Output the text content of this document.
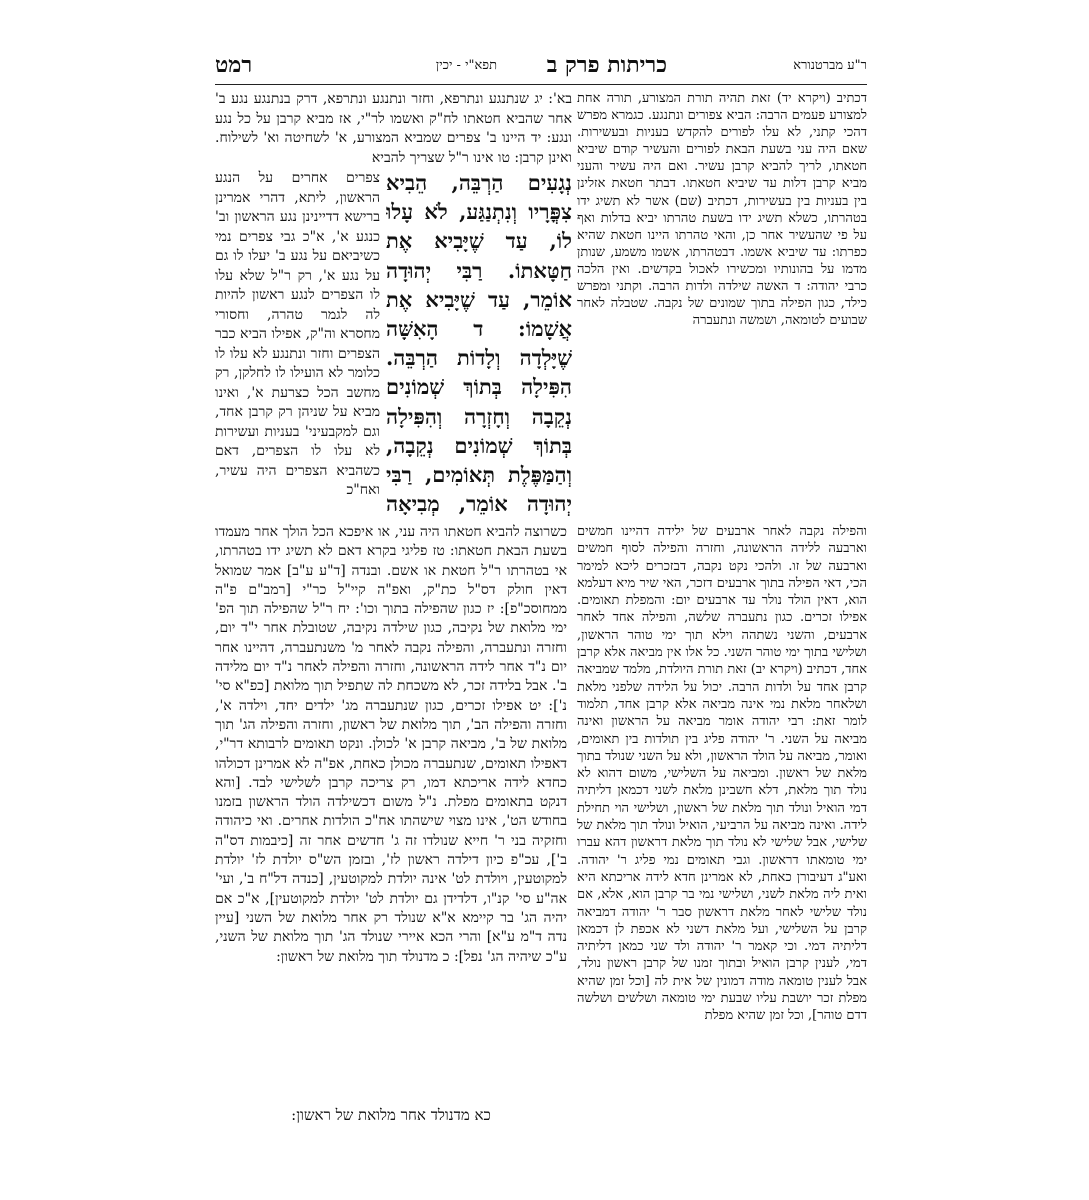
ר"ע מברטנורא
כריתות פרק ב
תפא"י - יכין
רמט

דכתיב (ויקרא יד) זאת תהיה תורת המצורע, תורה אחת למצורע פעמים הרבה: הביא צפורים ונתנגע. כגמרא מפרש דהכי קתני, לא עלו לפורים להקדש בעניות ובעשירות. שאם היה עני בשעת הבאת לפורים והעשיר קודם שיביא חטאתו, לריך להביא קרבן עשיר. ואם היה עשיר והעני מביא קרבן דלות עד שיביא חטאתו. דבתר חטאת אזלינן בין בעניות בין בעשירות, דכתיב (שם) אשר לא תשיג ידו בטהרתו, כשלא תשיג ידו בשעת טהרתו יביא בדלות ואף על פי שהעשיר אחר כן, והאי טהרתו היינו חטאת שהיא כפרתו: עד שיביא אשמו. דבטהרתו, אשמו משמע, שנותן מדמו על בהונותיו ומכשירו לאכול בקדשים. ואין הלכה כרבי יהודה: ד האשה שילדה ולדות הרבה. וקתני ומפרש כילד, כגון הפילה בתוך שמונים של נקבה. שטבלה לאחר שבועים לטומאה, ושמשה ונתעברה

בא': יג שנתנגע ונתרפא, וחזר ונתנגע ונתרפא, דרק בנתנגע נגע ב' אחר שהביא חטאתו לח"ק ואשמו לר"י, אז מביא קרבן על כל נגע ונגע: יד היינו ב' צפרים שמביא המצורע, א' לשחיטה וא' לשילוח. ואינן קרבן: טו אינו ר"ל שצריך להביא

נְגָעִים הַרְבֵּה, הֵבִיא צִפֳּרָיו וְנִתְנַגַּע, לֹא עָלוּ לוֹ, עַד שֶׁיָּבִיא אֶת חַטָּאתוֹ. רַבִּי יְהוּדָה אוֹמֵר, עַד שֶׁיָּבִיא אֶת אֲשָׁמוֹ: ד הָאִשָּׁה שֶׁיָּלְדָה וְלָדוֹת הַרְבֵּה. הִפִּילָה בְּתוֹךְ שְׁמוֹנִים נְקֵבָה וְחָזְרָה וְהִפִּילָה בְּתוֹךְ שְׁמוֹנִים נְקֵבָה, וְהַמַּפֶּלֶת תְּאוֹמִים, רַבִּי יְהוּדָה אוֹמֵר, מְבִיאָה

צפרים אחרים על הנגע הראשון, ליתא, דהרי אמרינן ברישא דדיינינן נגע הראשון וב' כנגע א', א"כ גבי צפרים נמי כשיביאם על נגע ב' יעלו לו גם על נגע א', רק ר"ל שלא עלו לו הצפרים לנגע ראשון להיות לה לגמר טהרה, וחסורי מחסרא וה"ק, אפילו הביא כבר הצפרים וחזר ונתנגע לא עלו לו כלומר לא הועילו לו לחלקן, רק מחשב הכל כצרעת א', ואינו מביא על שניהן רק קרבן אחד, וגם למקבעיני' בעניות ועשירות לא עלו לו הצפרים, דאם כשהביא הצפרים היה עשיר, ואח"כ

והפילה נקבה לאחר ארבעים של ילידה דהיינו חמשים וארבעה ללידה הראשונה, וחזרה והפילה לסוף חמשים וארבעה של זו. ולהכי נקט נקבה, דבזכרים ליכא למימר הכי, דאי הפילה בתוך ארבעים דזכר, האי שיר מיא דעלמא הוא, דאין הולד נולר עד ארבעים יום: והמפלת תאומים. אפילו זכרים. כגון נתעברה שלשה, והפילה אחד לאחר ארבעים, והשני נשתהה וילא תוך ימי טוהר הראשון, ושלישי בתוך ימי טוהר השני. כל אלו אין מביאה אלא קרבן אחד, דכתיב (ויקרא יב) זאת תורת היולדת, מלמד שמביאה קרבן אחד על ולדות הרבה. יכול על הלידה שלפני מלאת ושלאחר מלאת נמי אינה מביאה אלא קרבן אחד, תלמוד לומר זאת: רבי יהודה אומר מביאה על הראשון ואינה מביאה על השני. ר' יהודה פליג בין תולדות בין תאומים, ואומר, מביאה על הולד הראשון, ולא על השני שנולד בתוך מלאת של ראשון. ומביאה על השלישי, משום דהוא לא נולד תוך מלאת, דלא חשבינן מלאת לשני דכמאן דליתיה דמי הואיל ונולד תוך מלאת של ראשון, ושלישי הוי תחילת לידה. ואינה מביאה על הרביעי, הואיל ונולד תוך מלאת של שלישי, אבל שלישי לא נולד תוך מלאת דראשון דהא עברו ימי טומאתו דראשון. וגבי תאומים נמי פליג ר' יהודה. ואע"ג דעיבורן כאחת, לא אמרינן חדא לידה אריכתא היא ואית ליה מלאת לשני, ושלישי נמי בר קרבן הוא, אלא, אם נולד שלישי לאחר מלאת דראשון סבר ר' יהודה דמביאה קרבן על השלישי, ועל מלאת דשני לא אכפת לן דכמאן דליתיה דמי. וכי קאמר ר' יהודה ולד שני כמאן דליתיה דמי, לענין קרבן הואיל ובתוך זמנו של קרבן ראשון נולד, אבל לענין טומאה מודה דמונין של אית לה [וכל זמן שהיא מפלת זכר יושבת עליו שבעת ימי טומאה ושלשים ושלשה דדם טוהר], וכל זמן שהיא מפלת

כשרוצה להביא חטאתו היה עני, או איפכא הכל הולך אחר מעמדו בשעת הבאת חטאתו: טז פליגי בקרא דאם לא תשיג ידו בטהרתו, אי בטהרתו ר"ל חטאת או אשם. ובנדה [ד"ע ע"ב] אמר שמואל דאין חולק דס"ל כת"ק, ואפ"ה קיי"ל כר"י [רמב"ם פ"ה ממחוסכ"פ]: יז כגון שהפילה בתוך וכו': יח ר"ל שהפילה תוך הפ' ימי מלואת של נקיבה, כגון שילדה נקיבה, שטובלת אחר י"ד יום, וחזרה ונתעברה, והפילה נקבה לאחר מ' משנתעברה, דהיינו אחר יום נ"ד אחר לידה הראשונה, וחזרה והפילה לאחר נ"ד יום מלידה ב'. אבל בלידה זכר, לא משכחת לה שתפיל תוך מלואת [כפ"א סי' נ']: יט אפילו זכרים, כגון שנתעברה מג' ילדים יחד, וילדה א', וחזרה והפילה הב', תוך מלואת של ראשון, וחזרה והפילה הג' תוך מלואת של ב', מביאה קרבן א' לכולן. ונקט תאומים לרבותא דר"י, דאפילו תאומים, שנתעברה מכולן כאחת, אפ"ה לא אמרינן דכולהו כחדא לידה אריכתא דמו, רק צריכה קרבן לשלישי לבד. [והא דנקט בתאומים מפלת. נ"ל משום דכשילדה הולד הראשון בזמנו בחודש הט', אינו מצוי שישהתו אח"כ הולדות אחרים. ואי כיהודה וחזקיה בני ר' חייא שנולדו זה ג' חדשים אחר זה [כיבמות דס"ה ב'], עכ"פ כיון דילדה ראשון לז', ובזמן הש"ס יולדת לז' יולדת למקוטעין, ויולדת לט' אינה יולדת למקוטעין, [כנדה דל"ח ב', ועי' אה"ע סי' קנ"ו, דלדידן גם יולדת לט' יולדת למקוטעין], א"כ אם יהיה הג' בר קיימא א"א שנולד רק אחר מלואת של השני [עיין נדה ד"מ ע"א] והרי הכא איירי שנולד הג' תוך מלואת של השני, ע"כ שיהיה הג' נפל]: כ מדנולד תוך מלואת של ראשון:

כא מדנולד אחר מלואת של ראשון:
